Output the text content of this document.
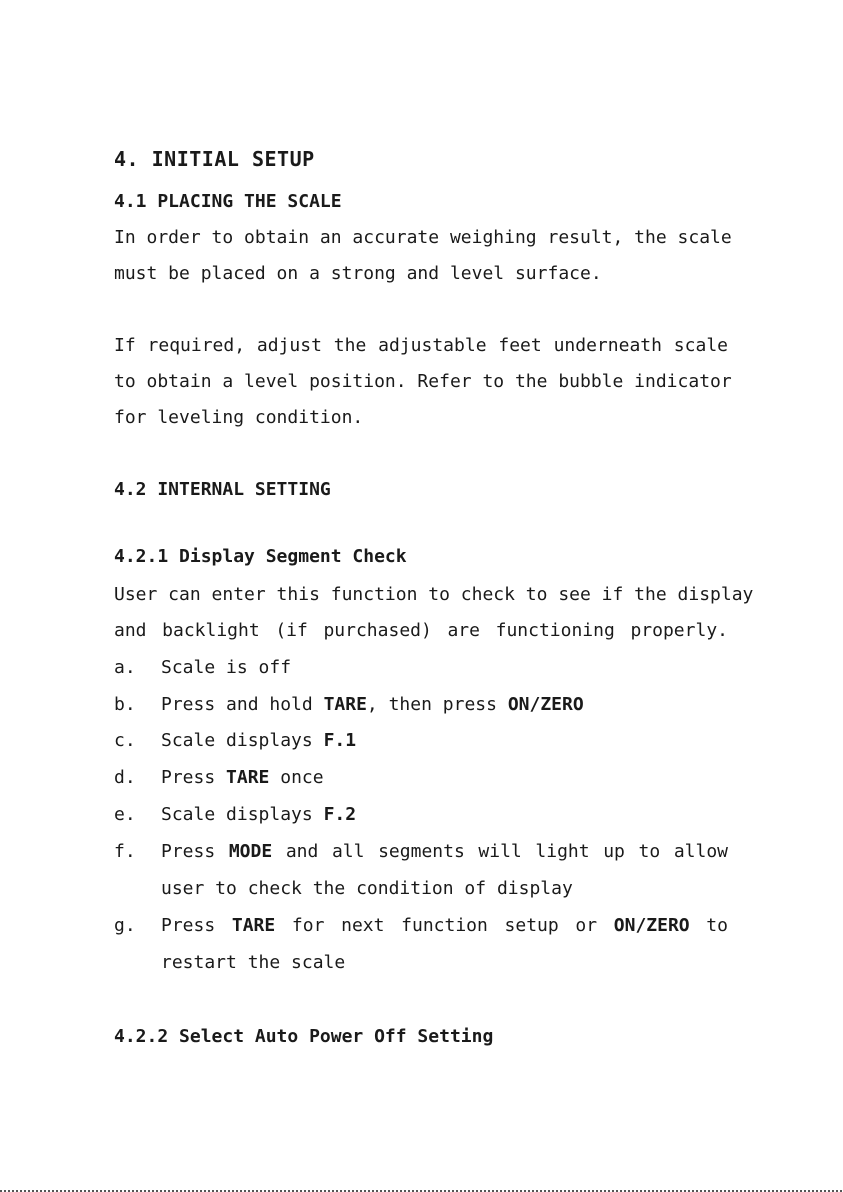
4. INITIAL SETUP
4.1 PLACING THE SCALE
In order to obtain an accurate weighing result, the scale
must be placed on a strong and level surface.
If required, adjust the adjustable feet underneath scale
to obtain a level position. Refer to the bubble indicator
for leveling condition.
4.2 INTERNAL SETTING
4.2.1 Display Segment Check
User can enter this function to check to see if the display
and backlight (if purchased) are functioning properly.
a. Scale is off
b. Press and hold TARE, then press ON/ZERO
c. Scale displays F.1
d. Press TARE once
e. Scale displays F.2
f. Press MODE and all segments will light up to allow
user to check the condition of display
g. Press TARE for next function setup or ON/ZERO to
restart the scale
4.2.2 Select Auto Power Off Setting
